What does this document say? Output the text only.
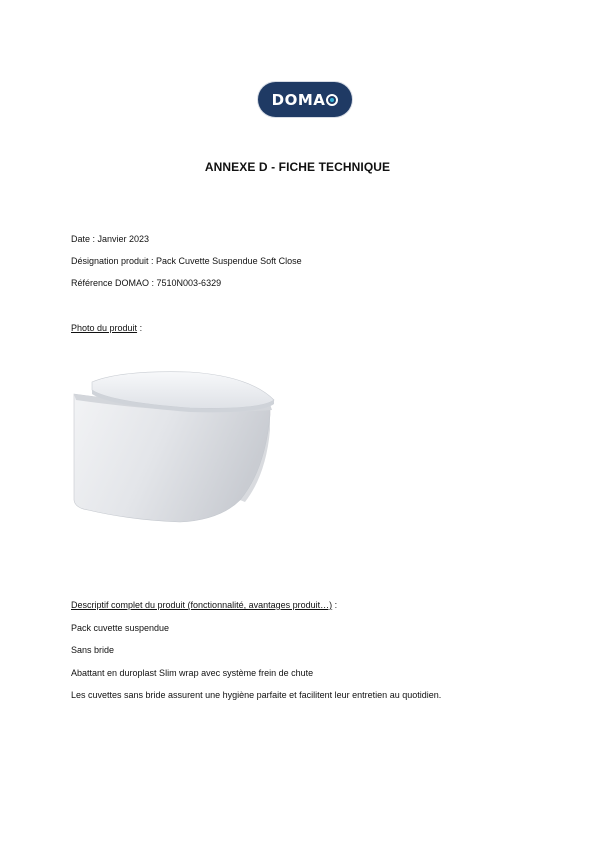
DOMA
ANNEXE D - FICHE TECHNIQUE
Date : Janvier 2023
Désignation produit : Pack Cuvette Suspendue Soft Close
Référence DOMAO : 7510N003-6329
Photo du produit :
Descriptif complet du produit (fonctionnalité, avantages produit…) :
Pack cuvette suspendue
Sans bride
Abattant en duroplast Slim wrap avec système frein de chute
Les cuvettes sans bride assurent une hygiène parfaite et facilitent leur entretien au quotidien.
